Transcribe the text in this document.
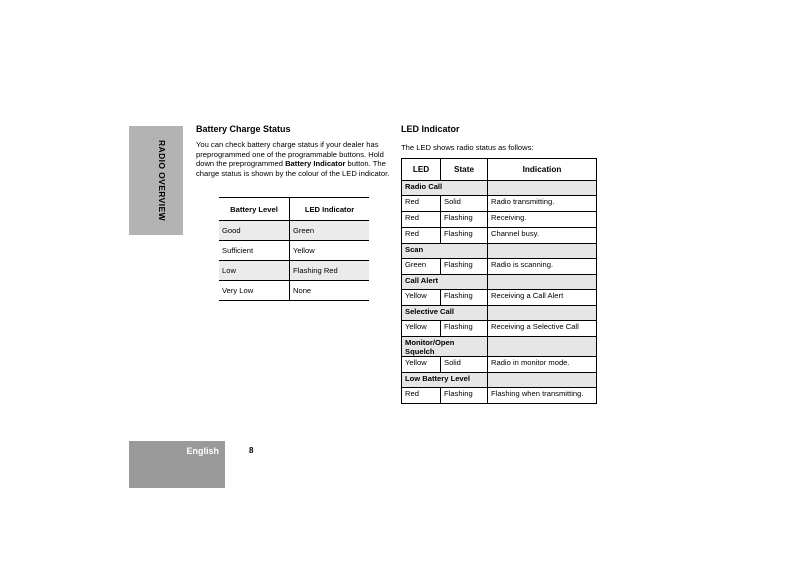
RADIO OVERVIEW
Battery Charge Status

You can check battery charge status if your dealer has preprogrammed one of the programmable buttons. Hold down the preprogrammed Battery Indicator button. The charge status is shown by the colour of the LED indicator.

Battery Level	LED Indicator
Good	Green
Sufficient	Yellow
Low	Flashing Red
Very Low	None
LED Indicator

The LED shows radio status as follows:

LED	State	Indication
Radio Call		
Red	Solid	Radio transmitting.
Red	Flashing	Receiving.
Red	Flashing	Channel busy.
Scan		
Green	Flashing	Radio is scanning.
Call Alert		
Yellow	Flashing	Receiving a Call Alert
Selective Call		
Yellow	Flashing	Receiving a Selective Call
Monitor/Open Squelch		
Yellow	Solid	Radio in monitor mode.
Low Battery Level		
Red	Flashing	Flashing when transmitting.
English	8
